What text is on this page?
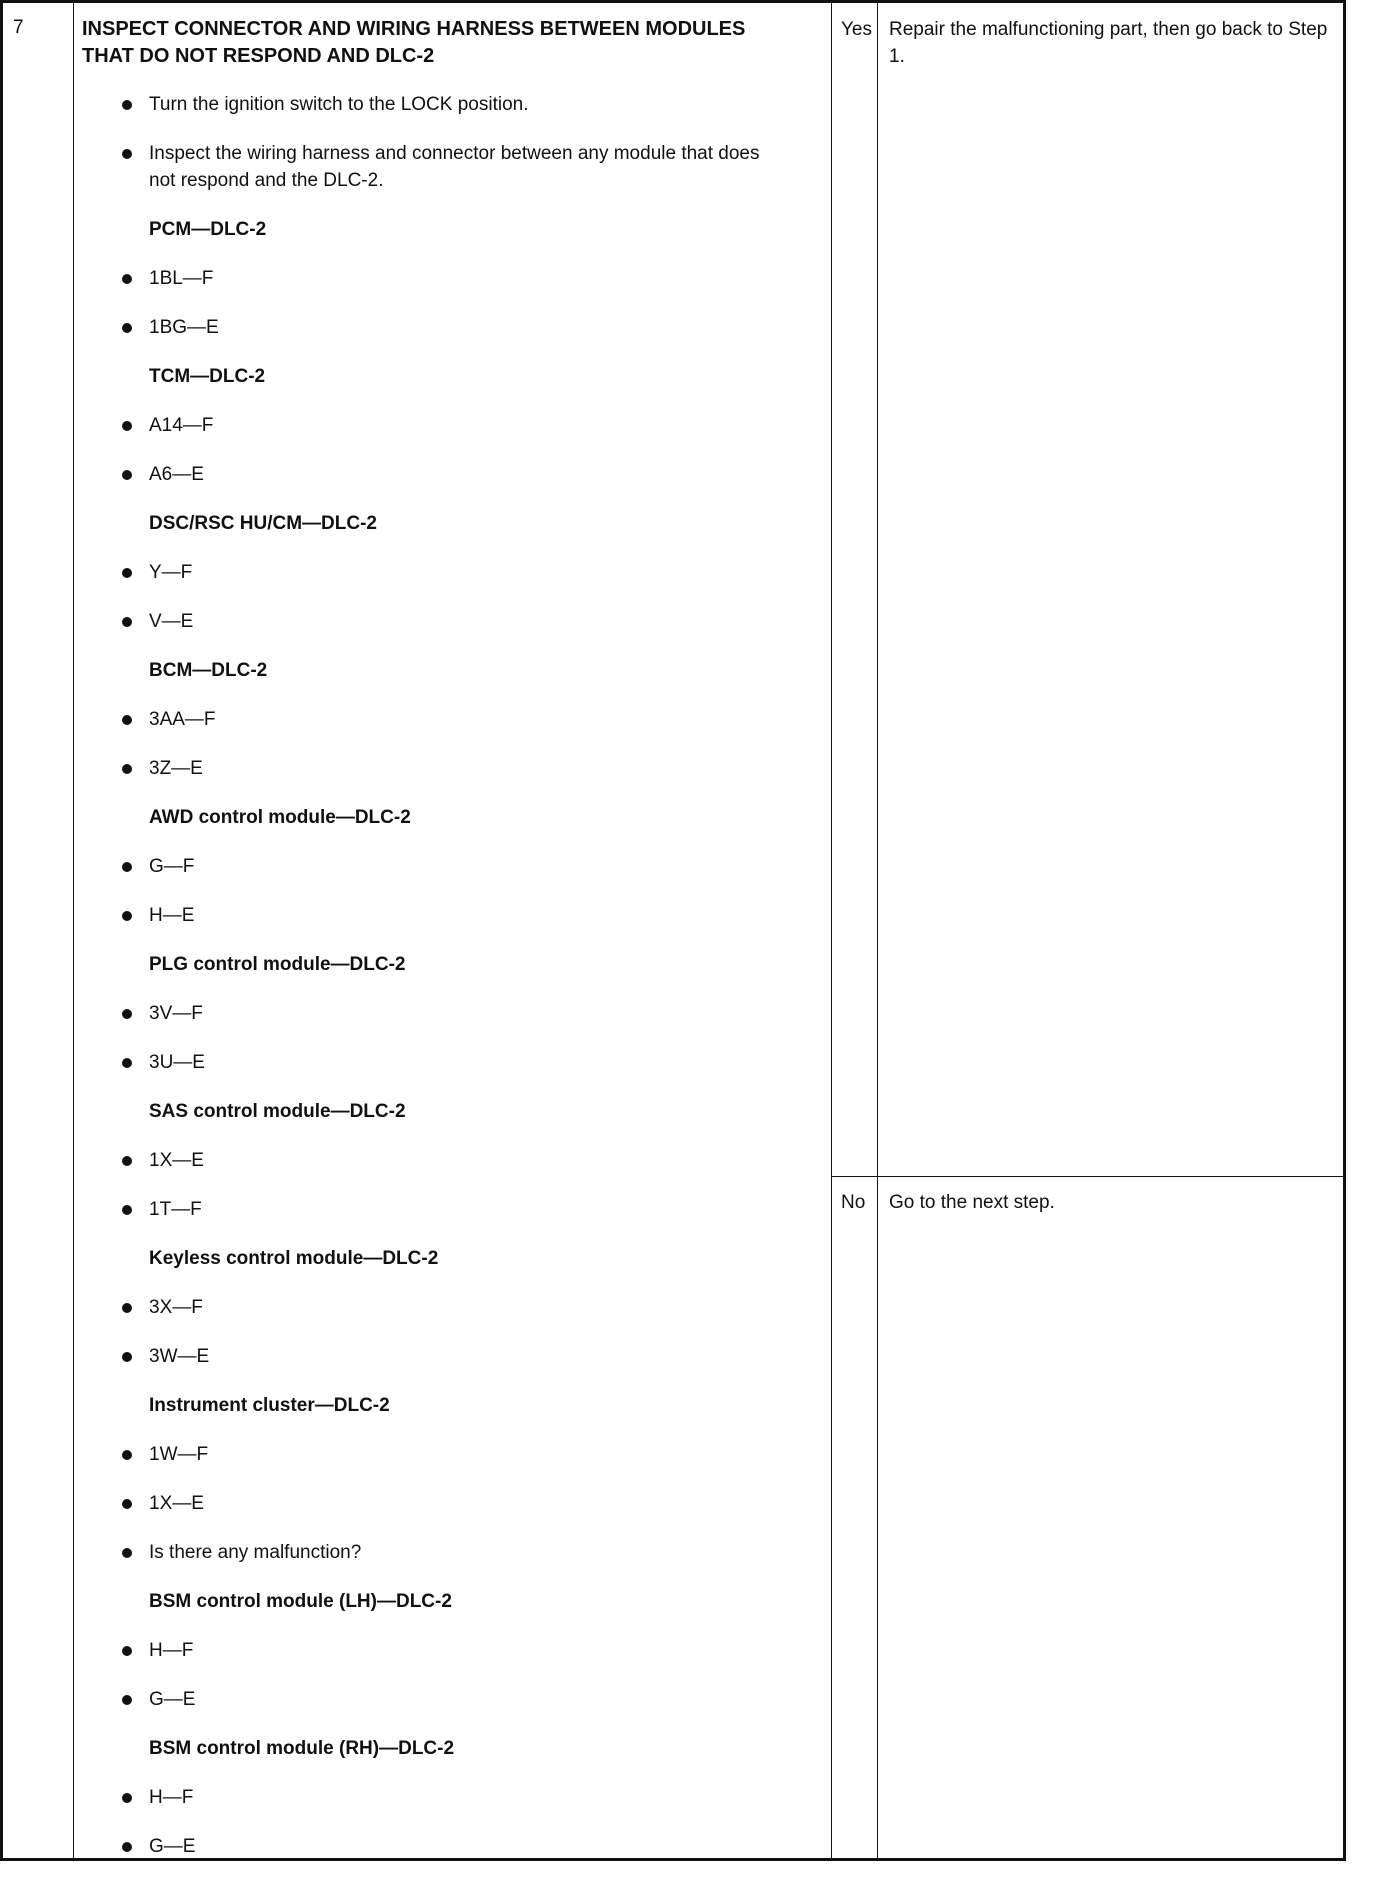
7	INSPECT CONNECTOR AND WIRING HARNESS BETWEEN MODULES
THAT DO NOT RESPOND AND DLC-2
Turn the ignition switch to the LOCK position.
Inspect the wiring harness and connector between any module that does not respond and the DLC-2.
PCM—DLC-2
1BL—F
1BG—E
TCM—DLC-2
A14—F
A6—E
DSC/RSC HU/CM—DLC-2
Y—F
V—E
BCM—DLC-2
3AA—F
3Z—E
AWD control module—DLC-2
G—F
H—E
PLG control module—DLC-2
3V—F
3U—E
SAS control module—DLC-2
1X—E
1T—F
Keyless control module—DLC-2
3X—F
3W—E
Instrument cluster—DLC-2
1W—F
1X—E
Is there any malfunction?
BSM control module (LH)—DLC-2
H—F
G—E
BSM control module (RH)—DLC-2
H—F
G—E
Yes Repair the malfunctioning part, then go back to Step 1.
No Go to the next step.
